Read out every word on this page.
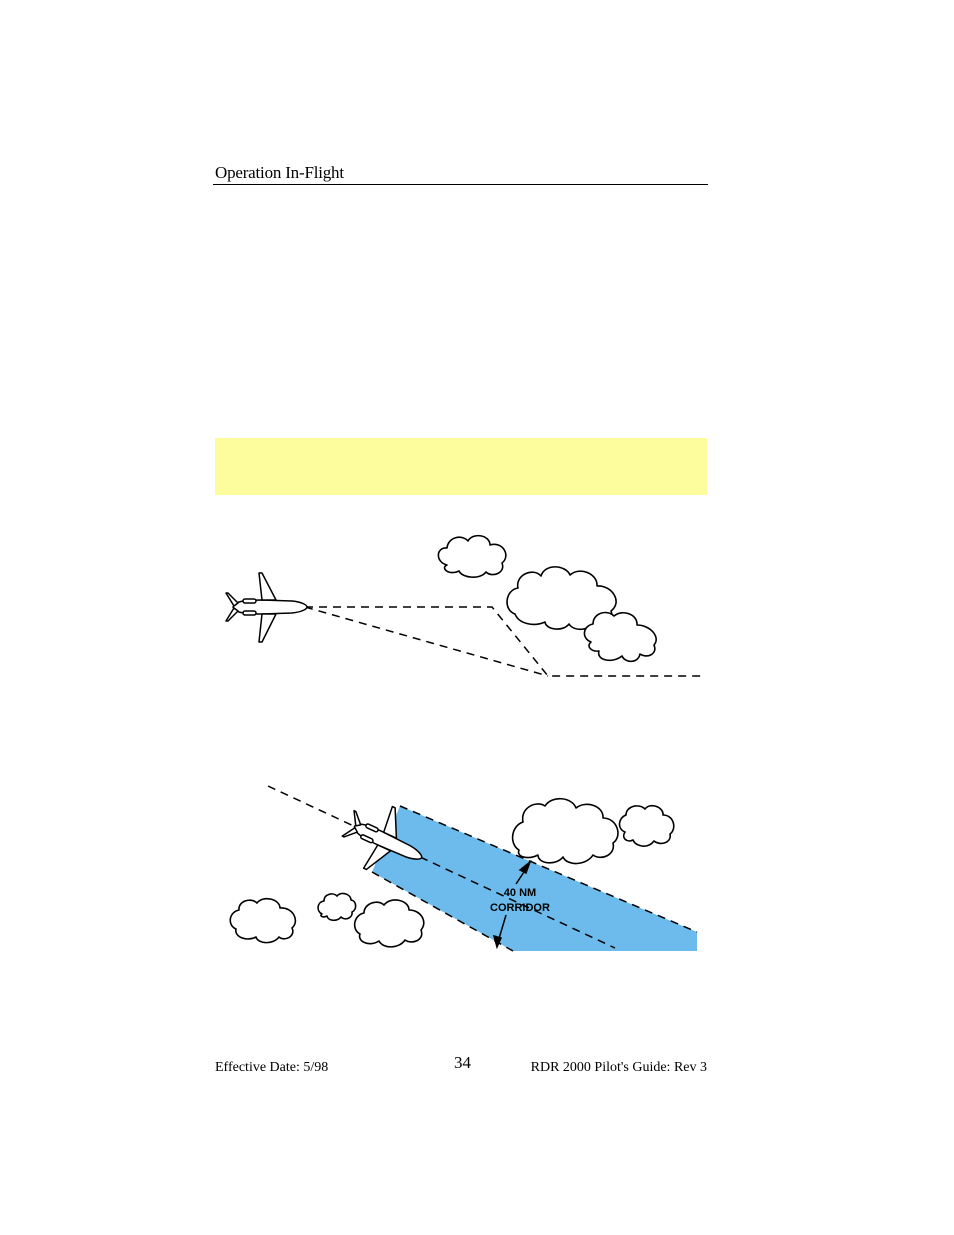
Operation In-Flight
40 NM
CORRIDOR
Effective Date: 5/98	34	RDR 2000 Pilot's Guide: Rev 3
